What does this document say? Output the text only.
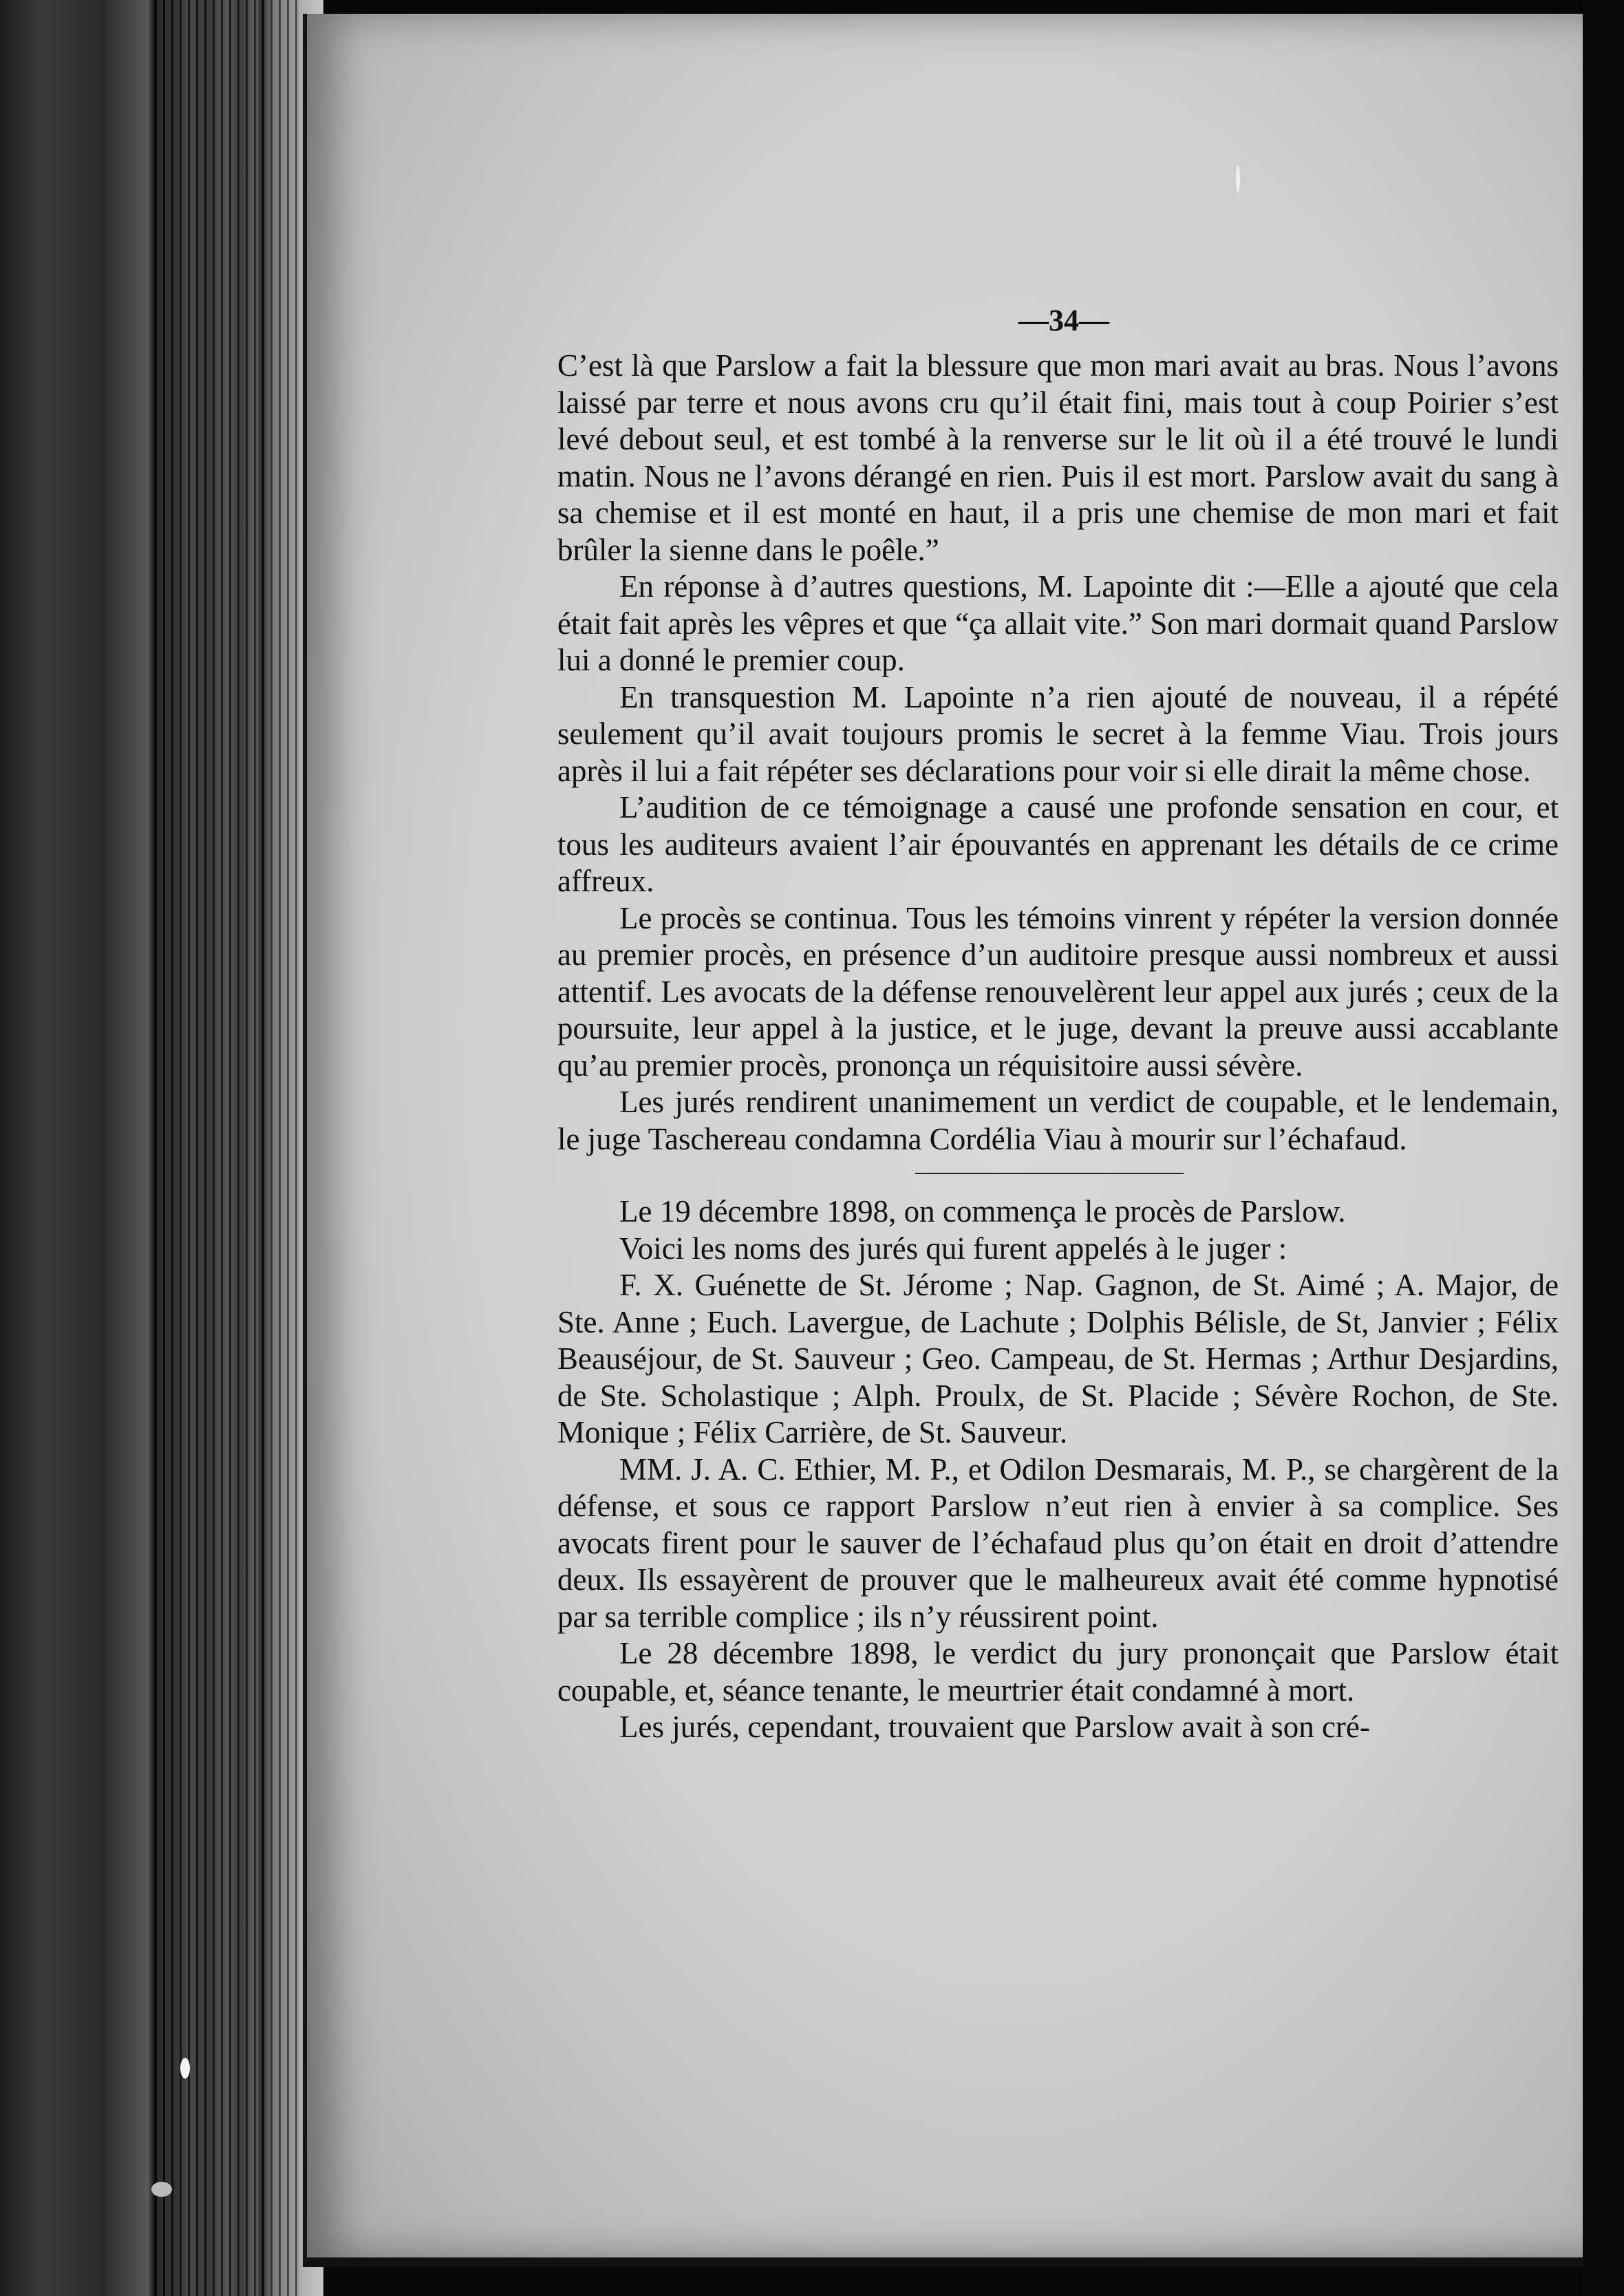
—34—

C’est là que Parslow a fait la blessure que mon mari avait au bras. Nous l’avons laissé par terre et nous avons cru qu’il était fini, mais tout à coup Poirier s’est levé debout seul, et est tombé à la renverse sur le lit où il a été trouvé le lundi matin. Nous ne l’avons dérangé en rien. Puis il est mort. Parslow avait du sang à sa chemise et il est monté en haut, il a pris une chemise de mon mari et fait brûler la sienne dans le poêle.”

En réponse à d’autres questions, M. Lapointe dit :—Elle a ajouté que cela était fait après les vêpres et que “ça allait vite.” Son mari dormait quand Parslow lui a donné le premier coup.

En transquestion M. Lapointe n’a rien ajouté de nouveau, il a répété seulement qu’il avait toujours promis le secret à la femme Viau. Trois jours après il lui a fait répéter ses déclarations pour voir si elle dirait la même chose.

L’audition de ce témoignage a causé une profonde sensation en cour, et tous les auditeurs avaient l’air épouvantés en apprenant les détails de ce crime affreux.

Le procès se continua. Tous les témoins vinrent y répéter la version donnée au premier procès, en présence d’un auditoire presque aussi nombreux et aussi attentif. Les avocats de la défense renouvelèrent leur appel aux jurés ; ceux de la poursuite, leur appel à la justice, et le juge, devant la preuve aussi accablante qu’au premier procès, prononça un réquisitoire aussi sévère.

Les jurés rendirent unanimement un verdict de coupable, et le lendemain, le juge Taschereau condamna Cordélia Viau à mourir sur l’échafaud.

Le 19 décembre 1898, on commença le procès de Parslow.

Voici les noms des jurés qui furent appelés à le juger :

F. X. Guénette de St. Jérome ; Nap. Gagnon, de St. Aimé ; A. Major, de Ste. Anne ; Euch. Lavergue, de Lachute ; Dolphis Bélisle, de St, Janvier ; Félix Beauséjour, de St. Sauveur ; Geo. Campeau, de St. Hermas ; Arthur Desjardins, de Ste. Scholastique ; Alph. Proulx, de St. Placide ; Sévère Rochon, de Ste. Monique ; Félix Carrière, de St. Sauveur.

MM. J. A. C. Ethier, M. P., et Odilon Desmarais, M. P., se chargèrent de la défense, et sous ce rapport Parslow n’eut rien à envier à sa complice. Ses avocats firent pour le sauver de l’échafaud plus qu’on était en droit d’attendre deux. Ils essayèrent de prouver que le malheureux avait été comme hypnotisé par sa terrible complice ; ils n’y réussirent point.

Le 28 décembre 1898, le verdict du jury prononçait que Parslow était coupable, et, séance tenante, le meurtrier était condamné à mort.

Les jurés, cependant, trouvaient que Parslow avait à son cré-
